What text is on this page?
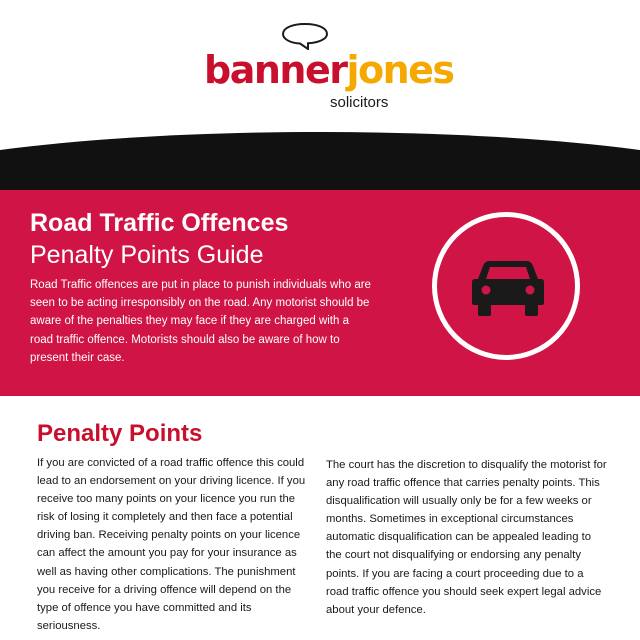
bannerjones
solicitors
Road Traffic Offences
Penalty Points Guide
Road Traffic offences are put in place to punish individuals who are seen to be acting irresponsibly on the road. Any motorist should be aware of the penalties they may face if they are charged with a road traffic offence. Motorists should also be aware of how to present their case.
Penalty Points
If you are convicted of a road traffic offence this could lead to an endorsement on your driving licence. If you receive too many points on your licence you run the risk of losing it completely and then face a potential driving ban. Receiving penalty points on your licence can affect the amount you pay for your insurance as well as having other complications. The punishment you receive for a driving offence will depend on the type of offence you have committed and its seriousness.
The court has the discretion to disqualify the motorist for any road traffic offence that carries penalty points. This disqualification will usually only be for a few weeks or months. Sometimes in exceptional circumstances automatic disqualification can be appealed leading to the court not disqualifying or endorsing any penalty points. If you are facing a court proceeding due to a road traffic offence you should seek expert legal advice about your defence.
